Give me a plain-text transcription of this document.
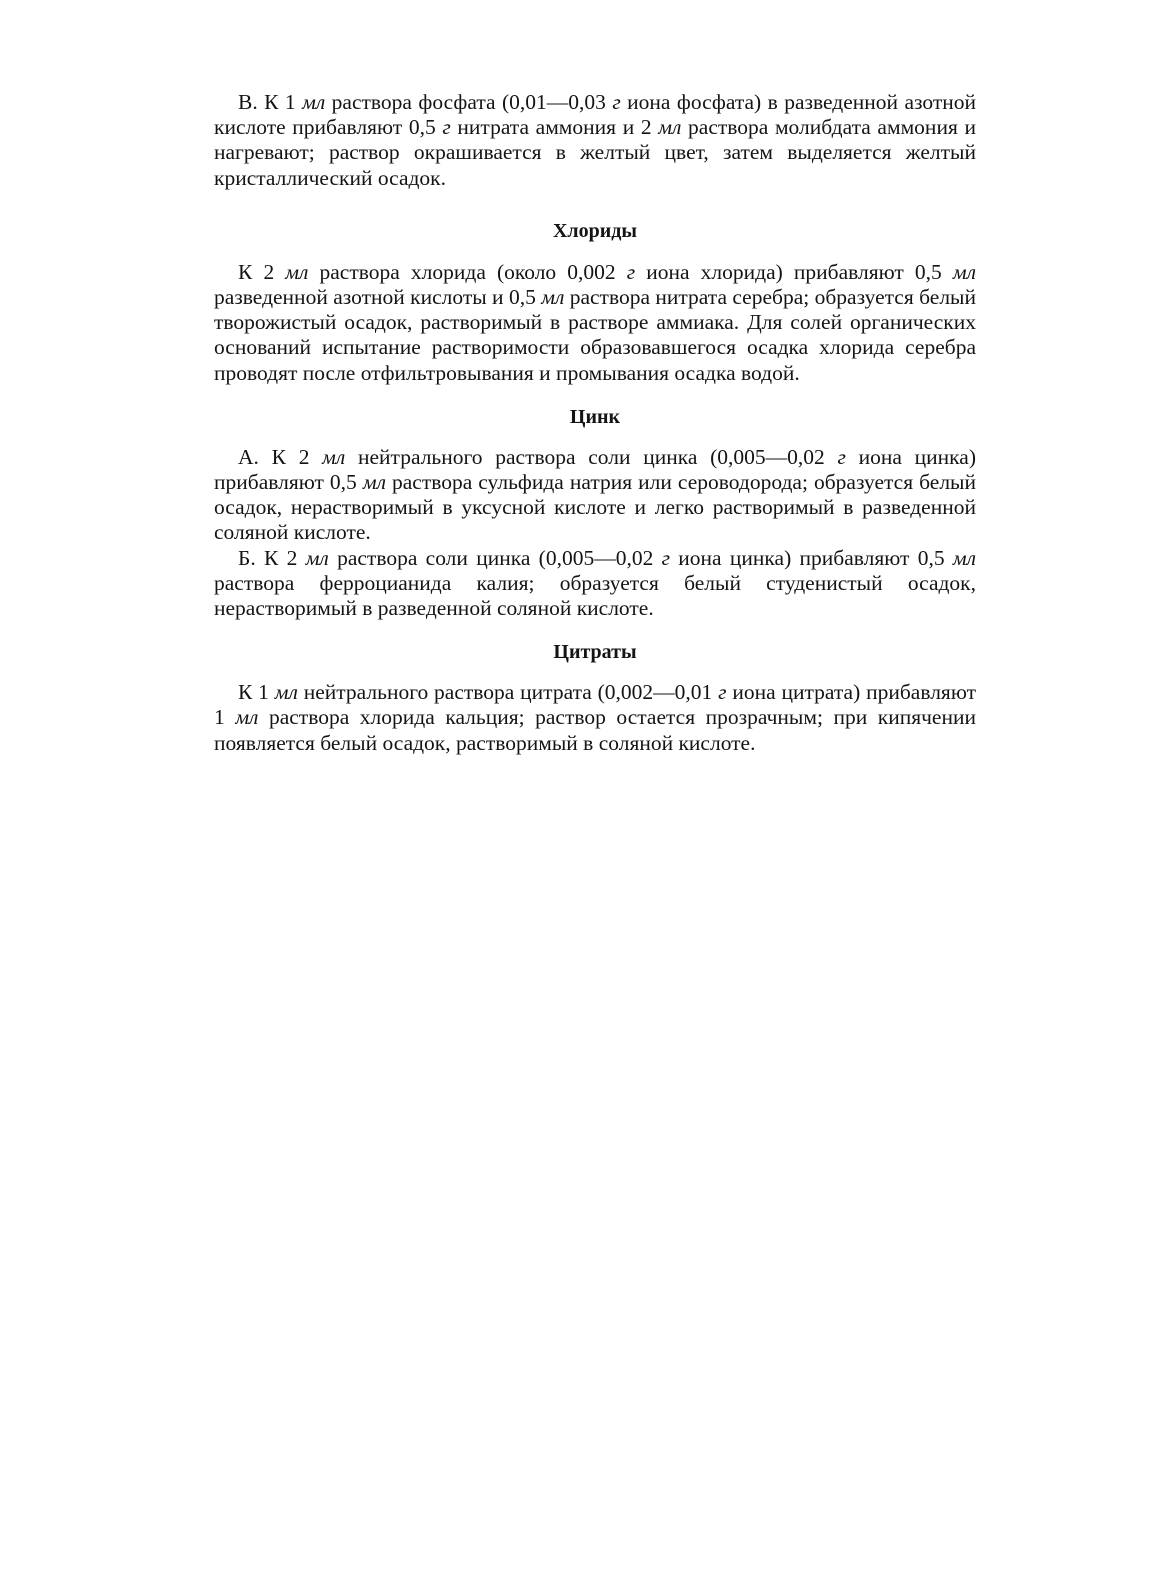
В. К 1 мл раствора фосфата (0,01—0,03 г иона фосфата) в разведенной азотной кислоте прибавляют 0,5 г нитрата аммония и 2 мл раствора молибдата аммония и нагревают; раствор окрашивается в желтый цвет, затем выделяется желтый кристаллический осадок.

Хлориды

К 2 мл раствора хлорида (около 0,002 г иона хлорида) прибавляют 0,5 мл разведенной азотной кислоты и 0,5 мл раствора нитрата серебра; образуется белый творожистый осадок, растворимый в растворе аммиака. Для солей органических оснований испытание растворимости образовавшегося осадка хлорида серебра проводят после отфильтровывания и промывания осадка водой.

Цинк

А. К 2 мл нейтрального раствора соли цинка (0,005—0,02 г иона цинка) прибавляют 0,5 мл раствора сульфида натрия или сероводорода; образуется белый осадок, нерастворимый в уксусной кислоте и легко растворимый в разведенной соляной кислоте.

Б. К 2 мл раствора соли цинка (0,005—0,02 г иона цинка) прибавляют 0,5 мл раствора ферроцианида калия; образуется белый студенистый осадок, нерастворимый в разведенной соляной кислоте.

Цитраты

К 1 мл нейтрального раствора цитрата (0,002—0,01 г иона цитрата) прибавляют 1 мл раствора хлорида кальция; раствор остается прозрачным; при кипячении появляется белый осадок, растворимый в соляной кислоте.
